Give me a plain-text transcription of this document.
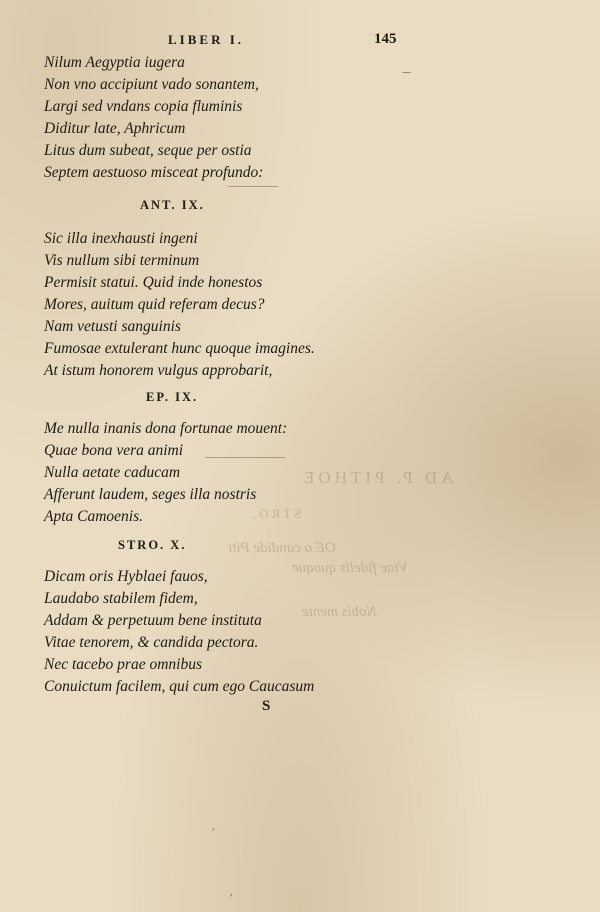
AD P. PITHOE
STRO.
OE o candide Pitt
Vtae fidelis quoque
Nobis mente
LIBER I.	145
Nilum Aegyptia iugera
Non vno accipiunt vado sonantem,
Largi sed vndans copia fluminis
Diditur late, Aphricum
Litus dum subeat, seque per ostia
Septem aestuoso misceat profundo:
ANT. IX.
Sic illa inexhausti ingeni
Vis nullum sibi terminum
Permisit statui. Quid inde honestos
Mores, auitum quid referam decus?
Nam vetusti sanguinis
Fumosae extulerant hunc quoque imagines.
At istum honorem vulgus approbarit,
EP. IX.
Me nulla inanis dona fortunae mouent:
Quae bona vera animi
Nulla aetate caducam
Afferunt laudem, seges illa nostris
Apta Camoenis.
STRO. X.
Dicam oris Hyblaei fauos,
Laudabo stabilem fidem,
Addam & perpetuum bene instituta
Vitae tenorem, & candida pectora.
Nec tacebo prae omnibus
Conuictum facilem, qui cum ego Caucasum
S
—
,
'
